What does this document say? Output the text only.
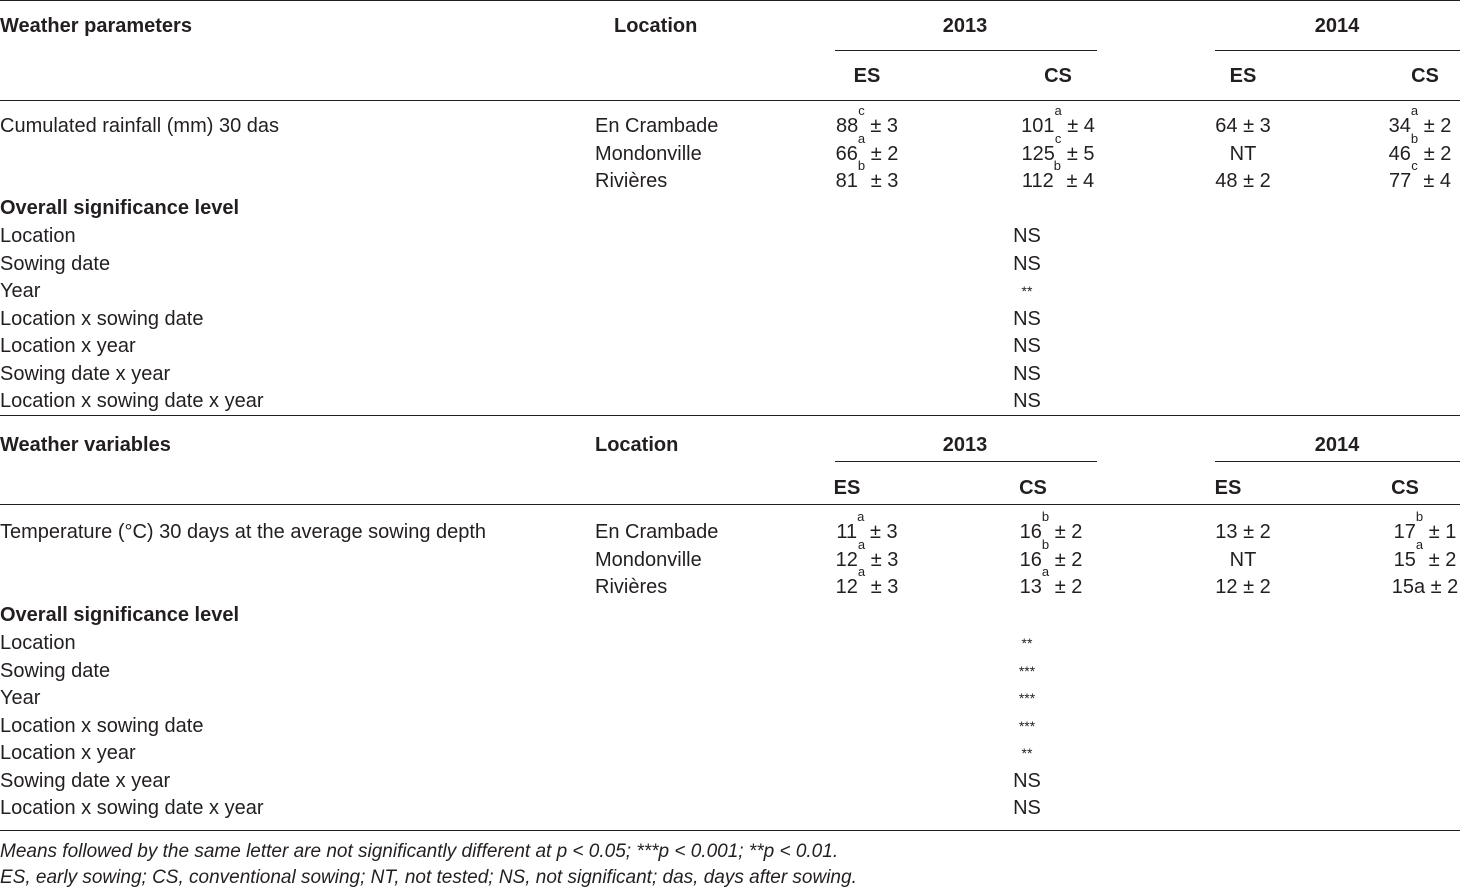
Weather parameters	Location	2013	2014
ES	CS	ES	CS
Cumulated rainfall (mm) 30 das	En Crambade	$88^c \pm 3$	$101^a \pm 4$	64 ± 3	$34^a \pm 2$
Mondonville	$66^a \pm 2$	$125^c \pm 5$	NT	$46^b \pm 2$
Rivières	$81^b \pm 3$	$112^b \pm 4$	48 ± 2	$77^c \pm 4$
Overall significance level
Location	NS
Sowing date	NS
Year	**
Location x sowing date	NS
Location x year	NS
Sowing date x year	NS
Location x sowing date x year	NS
Weather variables	Location	2013	2014
ES	CS	ES	CS
Temperature (°C) 30 days at the average sowing depth	En Crambade	$11^a \pm 3$	$16^b \pm 2$	13 ± 2	$17^b \pm 1$
Mondonville	$12^a \pm 3$	$16^b \pm 2$	NT	$15^a \pm 2$
Rivières	$12^a \pm 3$	$13^a \pm 2$	12 ± 2	15a ± 2
Overall significance level
Location	**
Sowing date	***
Year	***
Location x sowing date	***
Location x year	**
Sowing date x year	NS
Location x sowing date x year	NS
Means followed by the same letter are not significantly different at p < 0.05; ***p < 0.001; **p < 0.01.
ES, early sowing; CS, conventional sowing; NT, not tested; NS, not significant; das, days after sowing.
